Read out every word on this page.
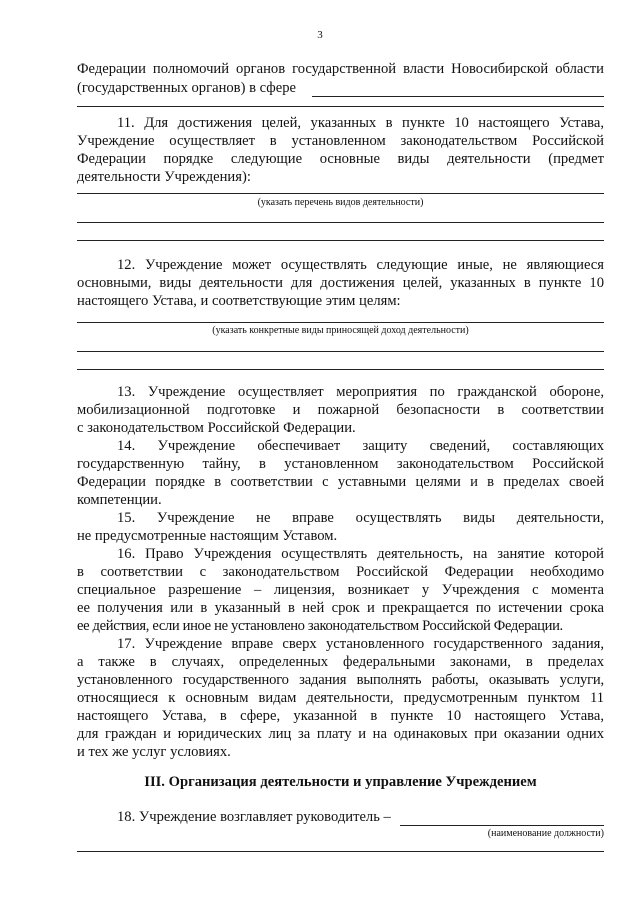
3
Федерации полномочий органов государственной власти Новосибирской области
(государственных органов) в сфере
11. Для достижения целей, указанных в пункте 10 настоящего Устава,
Учреждение осуществляет в установленном законодательством Российской
Федерации порядке следующие основные виды деятельности (предмет
деятельности Учреждения):
(указать перечень видов деятельности)
12. Учреждение может осуществлять следующие иные, не являющиеся
основными, виды деятельности для достижения целей, указанных в пункте 10
настоящего Устава, и соответствующие этим целям:
(указать конкретные виды приносящей доход деятельности)
13. Учреждение осуществляет мероприятия по гражданской обороне,
мобилизационной подготовке и пожарной безопасности в соответствии
с законодательством Российской Федерации.
14. Учреждение обеспечивает защиту сведений, составляющих
государственную тайну, в установленном законодательством Российской
Федерации порядке в соответствии с уставными целями и в пределах своей
компетенции.
15. Учреждение не вправе осуществлять виды деятельности,
не предусмотренные настоящим Уставом.
16. Право Учреждения осуществлять деятельность, на занятие которой
в соответствии с законодательством Российской Федерации необходимо
специальное разрешение – лицензия, возникает у Учреждения с момента
ее получения или в указанный в ней срок и прекращается по истечении срока
ее действия, если иное не установлено законодательством Российской Федерации.
17. Учреждение вправе сверх установленного государственного задания,
а также в случаях, определенных федеральными законами, в пределах
установленного государственного задания выполнять работы, оказывать услуги,
относящиеся к основным видам деятельности, предусмотренным пунктом 11
настоящего Устава, в сфере, указанной в пункте 10 настоящего Устава,
для граждан и юридических лиц за плату и на одинаковых при оказании одних
и тех же услуг условиях.
III. Организация деятельности и управление Учреждением
18. Учреждение возглавляет руководитель –
(наименование должности)
